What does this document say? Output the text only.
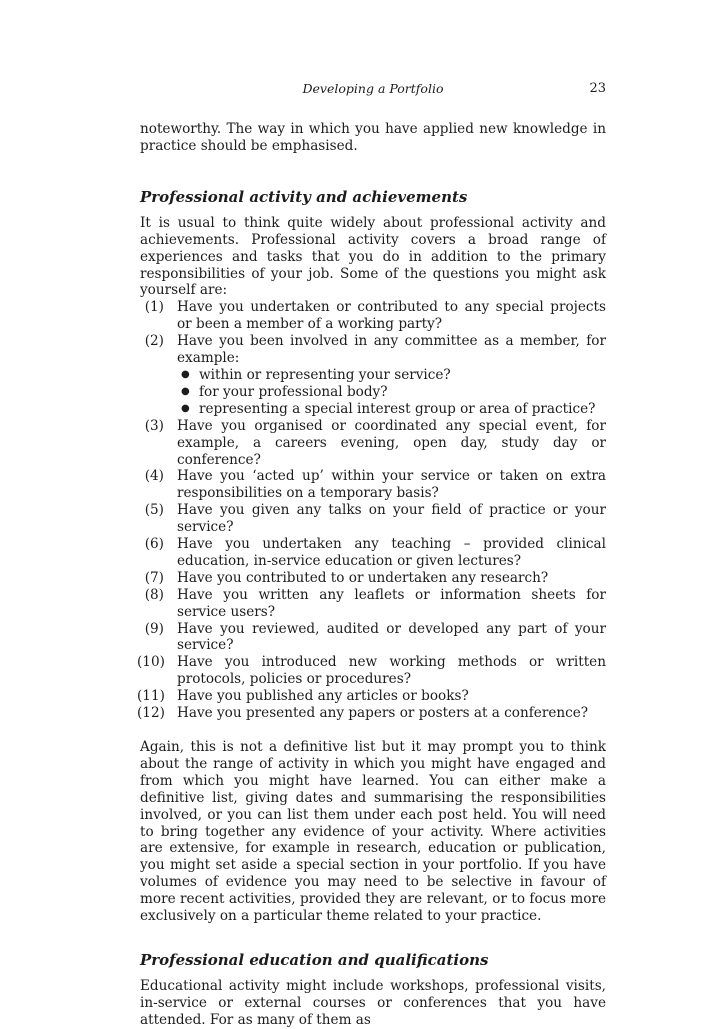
Developing a Portfolio	23

noteworthy. The way in which you have applied new knowledge in practice should be emphasised.

Professional activity and achievements

It is usual to think quite widely about professional activity and achievements. Professional activity covers a broad range of experiences and tasks that you do in addition to the primary responsibilities of your job. Some of the questions you might ask yourself are:

(1) Have you undertaken or contributed to any special projects or been a member of a working party?
(2) Have you been involved in any committee as a member, for example:
● within or representing your service?
● for your professional body?
● representing a special interest group or area of practice?
(3) Have you organised or coordinated any special event, for example, a careers evening, open day, study day or conference?
(4) Have you ‘acted up’ within your service or taken on extra responsibilities on a temporary basis?
(5) Have you given any talks on your field of practice or your service?
(6) Have you undertaken any teaching – provided clinical education, in-service education or given lectures?
(7) Have you contributed to or undertaken any research?
(8) Have you written any leaflets or information sheets for service users?
(9) Have you reviewed, audited or developed any part of your service?
(10) Have you introduced new working methods or written protocols, policies or procedures?
(11) Have you published any articles or books?
(12) Have you presented any papers or posters at a conference?

Again, this is not a definitive list but it may prompt you to think about the range of activity in which you might have engaged and from which you might have learned. You can either make a definitive list, giving dates and summarising the responsibilities involved, or you can list them under each post held. You will need to bring together any evidence of your activity. Where activities are extensive, for example in research, education or publication, you might set aside a special section in your portfolio. If you have volumes of evidence you may need to be selective in favour of more recent activities, provided they are relevant, or to focus more exclusively on a particular theme related to your practice.

Professional education and qualifications

Educational activity might include workshops, professional visits, in-service or external courses or conferences that you have attended. For as many of them as
